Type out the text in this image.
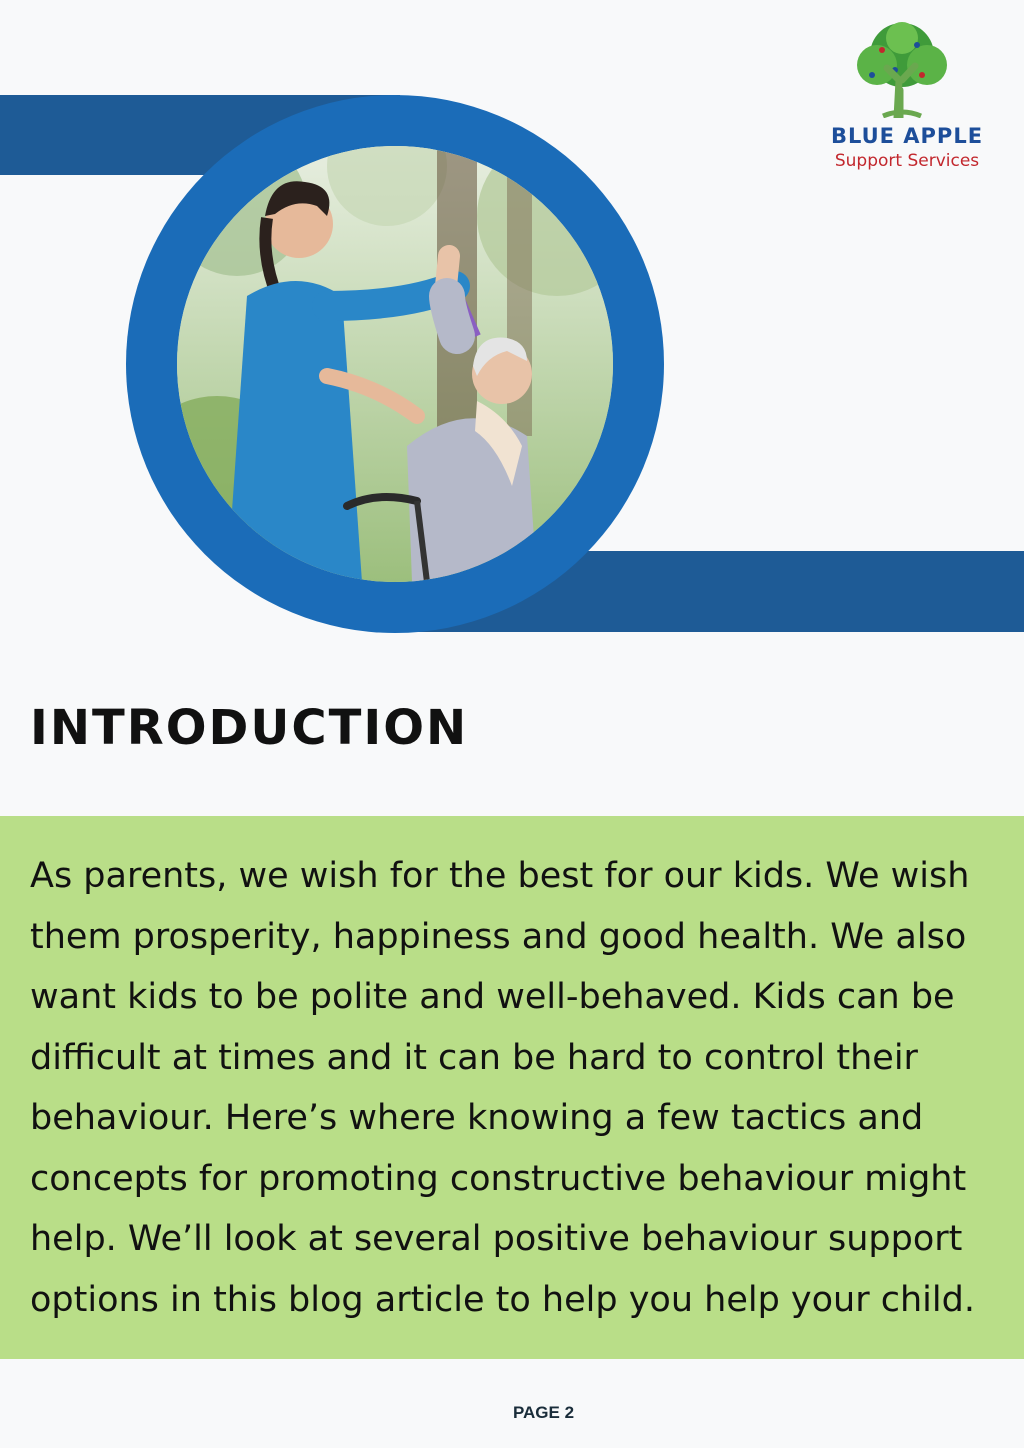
BLUE APPLE
Support Services
INTRODUCTION

As parents, we wish for the best for our kids. We wish them prosperity, happiness and good health. We also want kids to be polite and well-behaved. Kids can be difficult at times and it can be hard to control their behaviour. Here’s where knowing a few tactics and concepts for promoting constructive behaviour might help. We’ll look at several positive behaviour support options in this blog article to help you help your child.

PAGE 2
